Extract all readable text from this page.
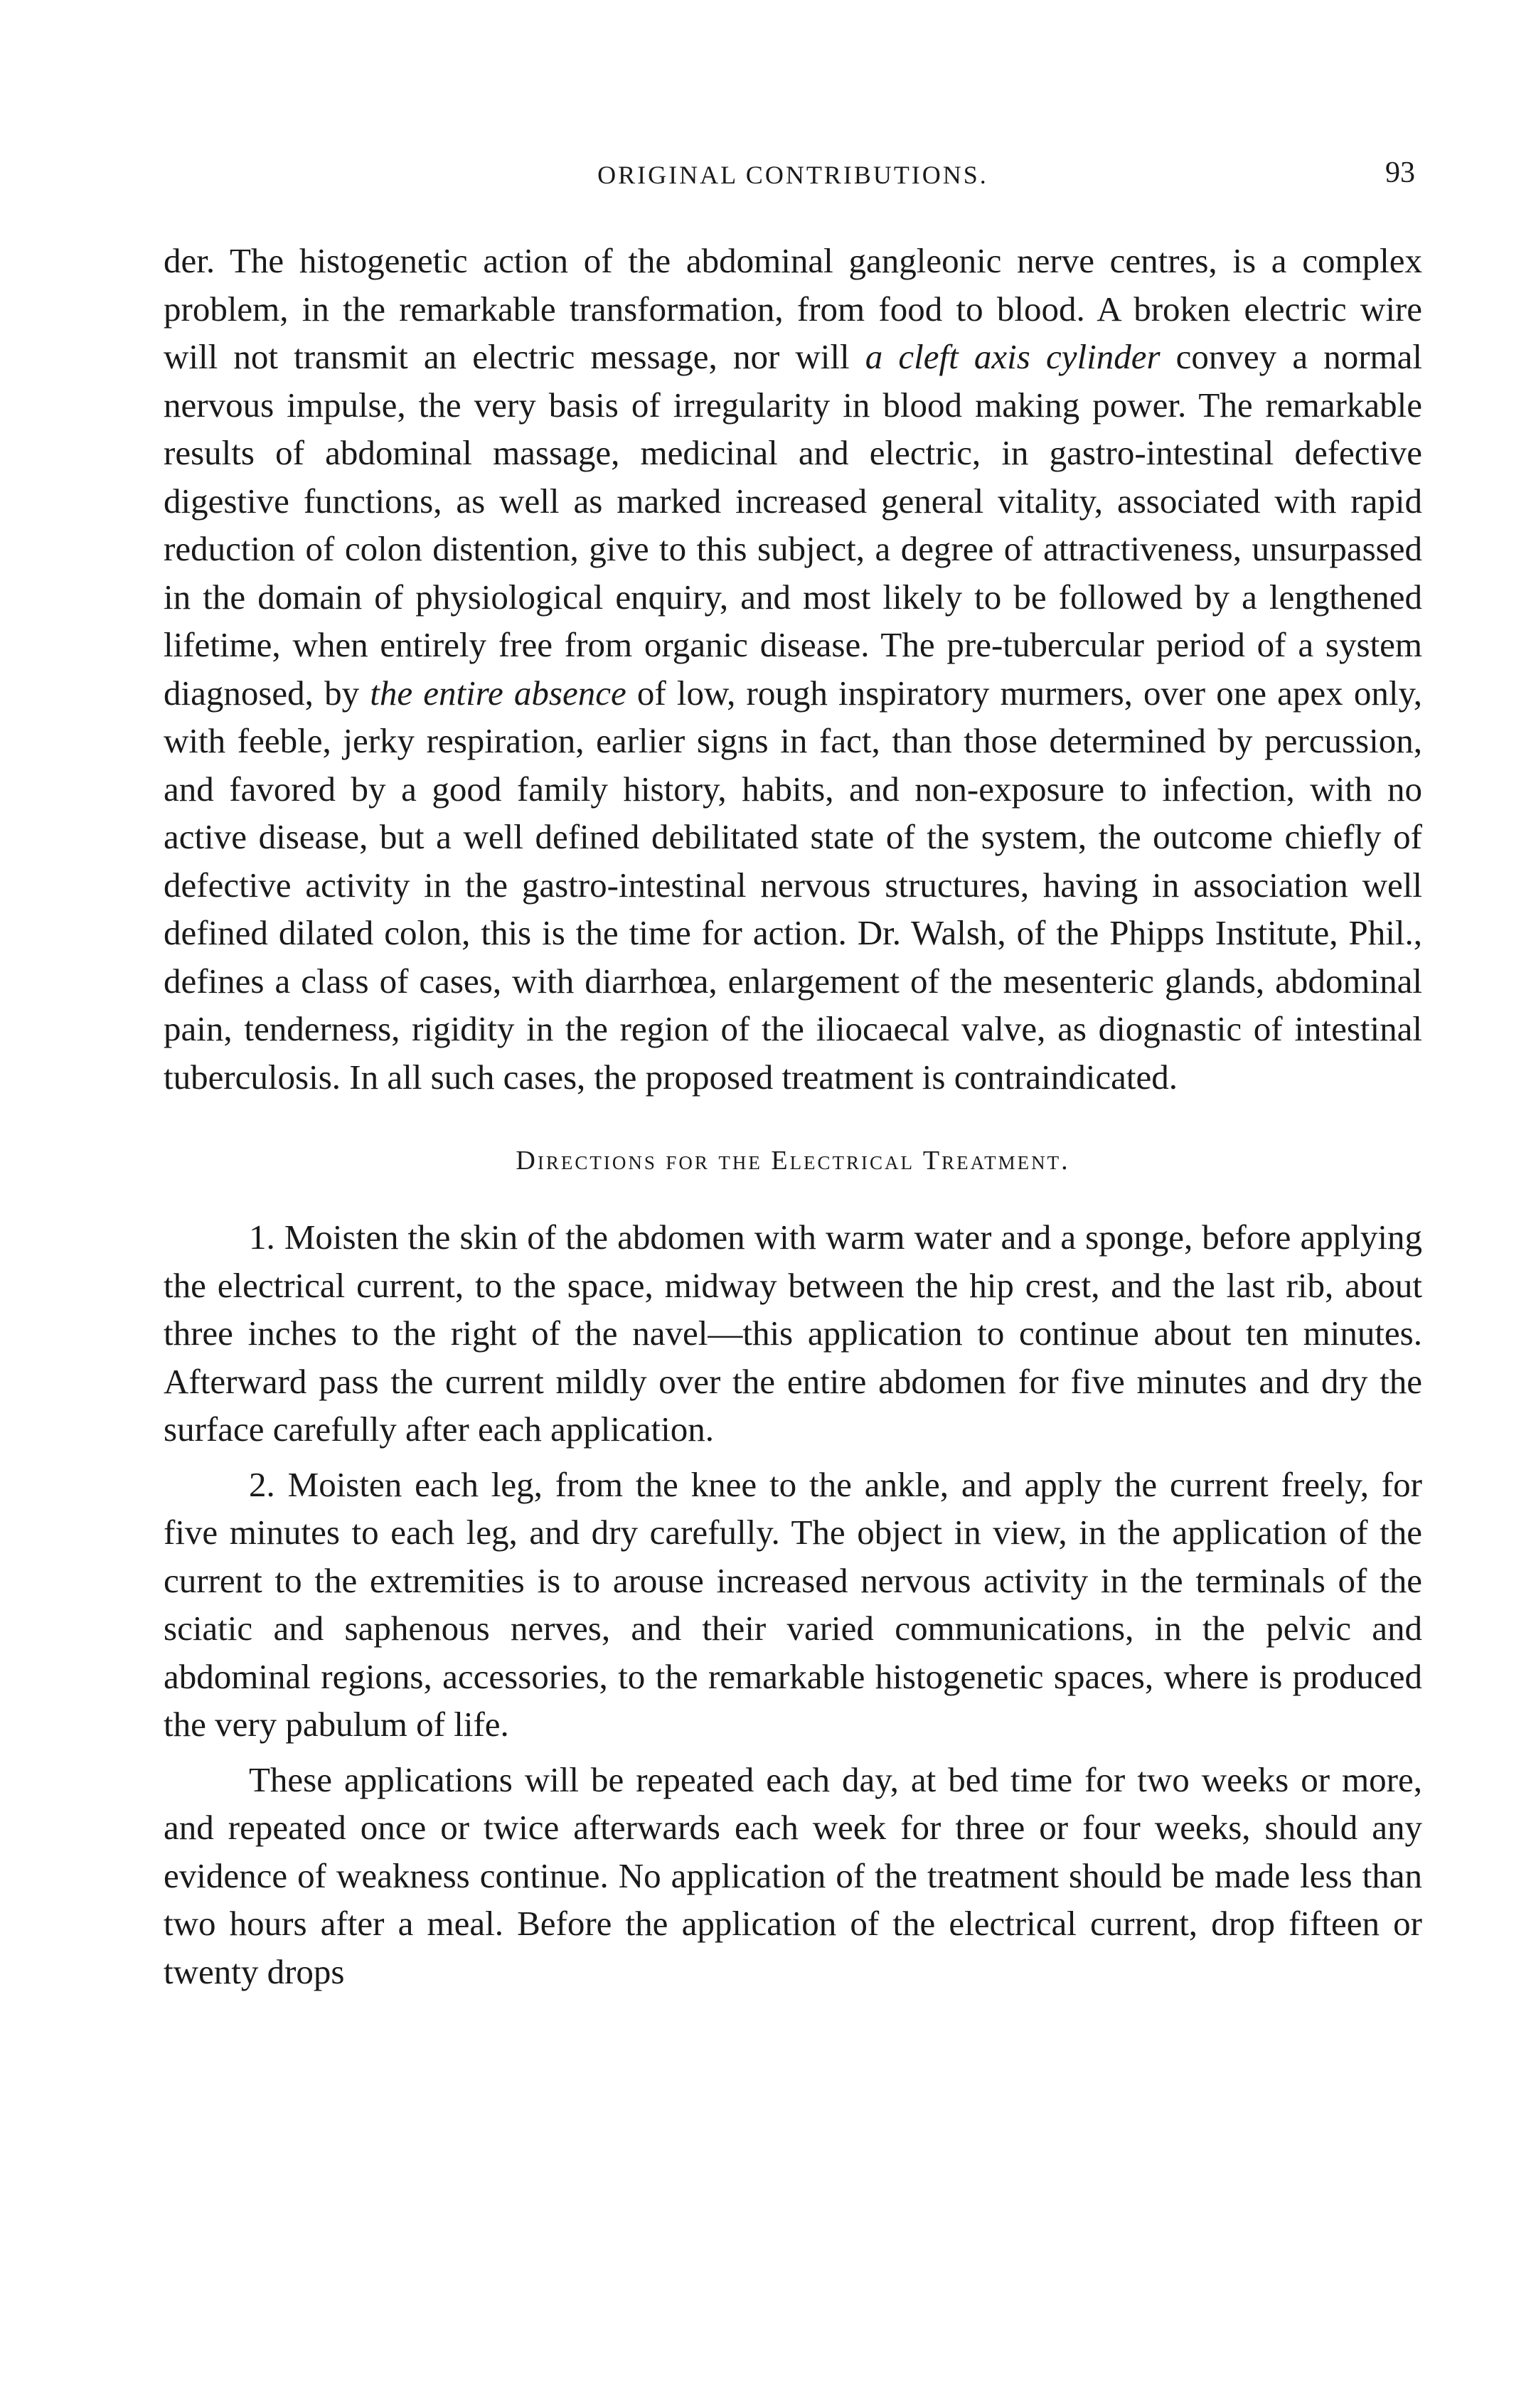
ORIGINAL CONTRIBUTIONS.	93

der. The histogenetic action of the abdominal gangleonic nerve centres, is a complex problem, in the remarkable transformation, from food to blood. A broken electric wire will not transmit an electric message, nor will a cleft axis cylinder convey a normal nervous impulse, the very basis of irregularity in blood making power. The remarkable results of abdominal massage, medicinal and electric, in gastro-intestinal defective digestive functions, as well as marked increased general vitality, associated with rapid reduction of colon distention, give to this subject, a degree of attractiveness, unsurpassed in the domain of physiological enquiry, and most likely to be followed by a lengthened lifetime, when entirely free from organic disease. The pre-tubercular period of a system diagnosed, by the entire absence of low, rough inspiratory murmers, over one apex only, with feeble, jerky respiration, earlier signs in fact, than those determined by percussion, and favored by a good family history, habits, and non-exposure to infection, with no active disease, but a well defined debilitated state of the system, the outcome chiefly of defective activity in the gastro-intestinal nervous structures, having in association well defined dilated colon, this is the time for action. Dr. Walsh, of the Phipps Institute, Phil., defines a class of cases, with diarrhœa, enlargement of the mesenteric glands, abdominal pain, tenderness, rigidity in the region of the iliocaecal valve, as diognastic of intestinal tuberculosis. In all such cases, the proposed treatment is contraindicated.

Directions for the Electrical Treatment.

1. Moisten the skin of the abdomen with warm water and a sponge, before applying the electrical current, to the space, midway between the hip crest, and the last rib, about three inches to the right of the navel—this application to continue about ten minutes. Afterward pass the current mildly over the entire abdomen for five minutes and dry the surface carefully after each application.

2. Moisten each leg, from the knee to the ankle, and apply the current freely, for five minutes to each leg, and dry carefully. The object in view, in the application of the current to the extremities is to arouse increased nervous activity in the terminals of the sciatic and saphenous nerves, and their varied communications, in the pelvic and abdominal regions, accessories, to the remarkable histogenetic spaces, where is produced the very pabulum of life.

These applications will be repeated each day, at bed time for two weeks or more, and repeated once or twice afterwards each week for three or four weeks, should any evidence of weakness continue. No application of the treatment should be made less than two hours after a meal. Before the application of the electrical current, drop fifteen or twenty drops
